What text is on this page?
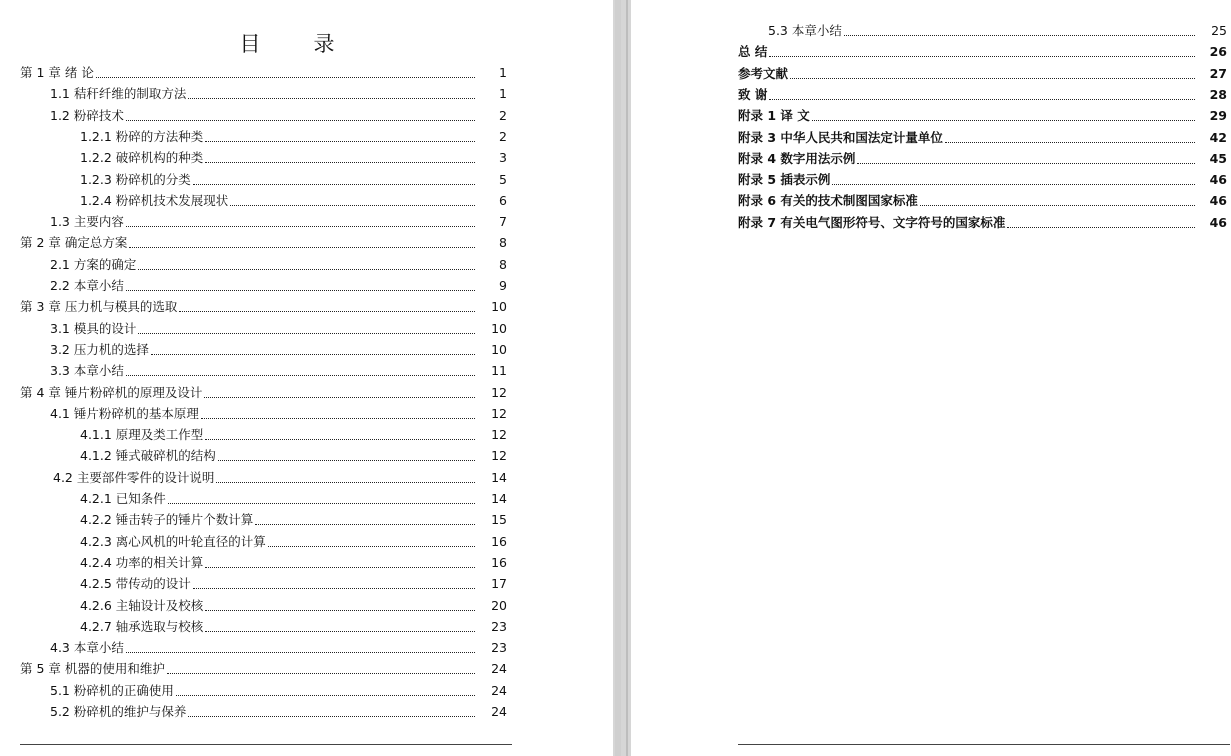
目　录
第 1 章 绪 论	1
1.1 秸秆纤维的制取方法	1
1.2 粉碎技术	2
1.2.1 粉碎的方法种类	2
1.2.2 破碎机构的种类	3
1.2.3 粉碎机的分类	5
1.2.4 粉碎机技术发展现状	6
1.3 主要内容	7
第 2 章 确定总方案	8
2.1 方案的确定	8
2.2 本章小结	9
第 3 章 压力机与模具的选取	10
3.1 模具的设计	10
3.2 压力机的选择	10
3.3 本章小结	11
第 4 章 锤片粉碎机的原理及设计	12
4.1 锤片粉碎机的基本原理	12
4.1.1 原理及类工作型	12
4.1.2 锤式破碎机的结构	12
4.2 主要部件零件的设计说明	14
4.2.1 已知条件	14
4.2.2 锤击转子的锤片个数计算	15
4.2.3 离心风机的叶轮直径的计算	16
4.2.4 功率的相关计算	16
4.2.5 带传动的设计	17
4.2.6 主轴设计及校核	20
4.2.7 轴承选取与校核	23
4.3 本章小结	23
第 5 章 机器的使用和维护	24
5.1 粉碎机的正确使用	24
5.2 粉碎机的维护与保养	24
5.3 本章小结	25
总 结	26
参考文献	27
致 谢	28
附录 1 译 文	29
附录 3 中华人民共和国法定计量单位	42
附录 4 数字用法示例	45
附录 5 插表示例	46
附录 6 有关的技术制图国家标准	46
附录 7 有关电气图形符号、文字符号的国家标准	46
